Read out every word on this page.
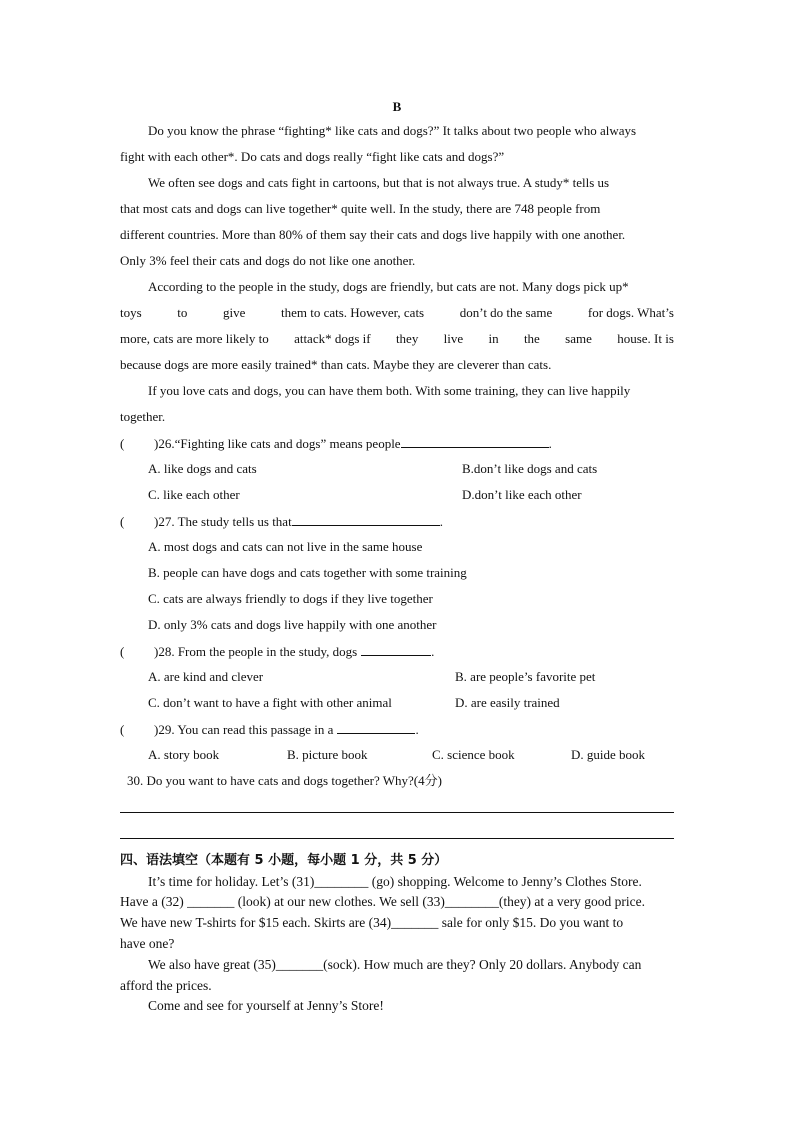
B
Do you know the phrase “fighting* like cats and dogs?” It talks about two people who always
fight with each other*. Do cats and dogs really “fight like cats and dogs?”
We often see dogs and cats fight in cartoons, but that is not always true. A study* tells us
that most cats and dogs can live together* quite well. In the study, there are 748 people from
different countries. More than 80% of them say their cats and dogs live happily with one another.
Only 3% feel their cats and dogs do not like one another.
According to the people in the study, dogs are friendly, but cats are not. Many dogs pick up*
toys	to	give	them to cats. However, cats	don’t do the same	for dogs. What’s
more, cats are more likely to attack* dogs if they live in the same house. It is
because dogs are more easily trained* than cats. Maybe they are cleverer than cats.
If you love cats and dogs, you can have them both. With some training, they can live happily
together.
( )26.“Fighting like cats and dogs” means people	.
A. like dogs and cats	B.don’t like dogs and cats
C. like each other	D.don’t like each other
( )27. The study tells us that	.
A. most dogs and cats can not live in the same house
B. people can have dogs and cats together with some training
C. cats are always friendly to dogs if they live together
D. only 3% cats and dogs live happily with one another
( )28. From the people in the study, dogs	.
A. are kind and clever	B. are people’s favorite pet
C. don’t want to have a fight with other animal	D. are easily trained
( )29. You can read this passage in a	.
A. story book	B. picture book	C. science book	D. guide book
30. Do you want to have cats and dogs together? Why?(4分)
四、语法填空（本题有 5 小题，每小题 1 分，共 5 分）
It’s time for holiday. Let’s (31)________ (go) shopping. Welcome to Jenny’s Clothes Store.
Have a (32) _______ (look) at our new clothes. We sell (33)________(they) at a very good price.
We have new T-shirts for $15 each. Skirts are (34)_______ sale for only $15. Do you want to
have one?
We also have great (35)_______(sock). How much are they? Only 20 dollars. Anybody can
afford the prices.
Come and see for yourself at Jenny’s Store!
